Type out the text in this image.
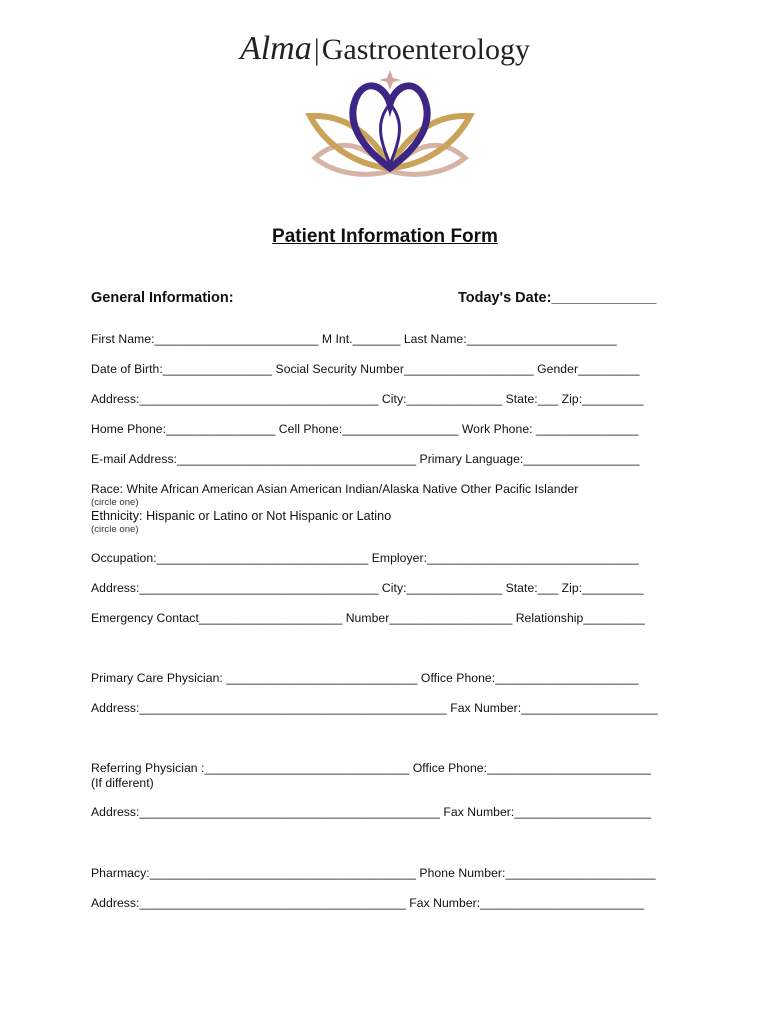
Alma|Gastroenterology
Patient Information Form
General Information:	Today's Date:_____________
First Name:________________________ M Int._______ Last Name:______________________
Date of Birth:________________ Social Security Number___________________ Gender_________
Address:___________________________________ City:______________ State:___ Zip:_________
Home Phone:________________ Cell Phone:_________________ Work Phone: _______________
E-mail Address:___________________________________ Primary Language:_________________
Race: White African American Asian American Indian/Alaska Native Other Pacific Islander
(circle one)
Ethnicity: Hispanic or Latino or Not Hispanic or Latino
(circle one)
Occupation:_______________________________ Employer:_______________________________
Address:___________________________________ City:______________ State:___ Zip:_________
Emergency Contact_____________________ Number__________________ Relationship_________
Primary Care Physician: ____________________________ Office Phone:_____________________
Address:_____________________________________________ Fax Number:____________________
Referring Physician :______________________________ Office Phone:________________________
(If different)
Address:____________________________________________ Fax Number:____________________
Pharmacy:_______________________________________ Phone Number:______________________
Address:_______________________________________ Fax Number:________________________
